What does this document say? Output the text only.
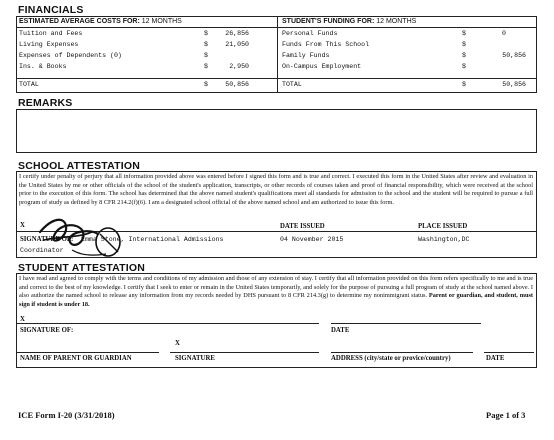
FINANCIALS
ESTIMATED AVERAGE COSTS FOR: 12 MONTHS	STUDENT'S FUNDING FOR: 12 MONTHS
Tuition and Fees	$	26,856
Living Expenses	$	21,050
Expenses of Dependents (0)	$
Ins. & Books	$	2,950
Personal Funds	$	0
Funds From This School	$
Family Funds	$	50,856
On-Campus Employment	$
TOTAL	$	50,856	TOTAL	$	50,856
REMARKS
SCHOOL ATTESTATION
I certify under penalty of perjury that all information provided above was entered before I signed this form and is true and correct. I executed this form in the United States after review and evaluation in the United States by me or other officials of the school of the student's application, transcripts, or other records of courses taken and proof of financial responsibility, which were received at the school prior to the execution of this form. The school has determined that the above named student's qualifications meet all standards for admission to the school and the student will be required to pursue a full program of study as defined by 8 CFR 214.2(f)(6). I am a designated school official of the above named school and am authorized to issue this form.
X	DATE ISSUED	PLACE ISSUED
SIGNATURE OF: Emma Stone, International Admissions
Coordinator
04 November 2015	Washington,DC
STUDENT ATTESTATION
I have read and agreed to comply with the terms and conditions of my admission and those of any extension of stay. I certify that all information provided on this form refers specifically to me and is true and correct to the best of my knowledge. I certify that I seek to enter or remain in the United States temporarily, and solely for the purpose of pursuing a full program of study at the school named above. I also authorize the named school to release any information from my records needed by DHS pursuant to 8 CFR 214.3(g) to determine my nonimmigrant status. Parent or guardian, and student, must sign if student is under 18.
X
SIGNATURE OF:	DATE
X
NAME OF PARENT OR GUARDIAN	SIGNATURE	ADDRESS (city/state or provice/country)	DATE
ICE Form I-20 (3/31/2018)	Page 1 of 3
